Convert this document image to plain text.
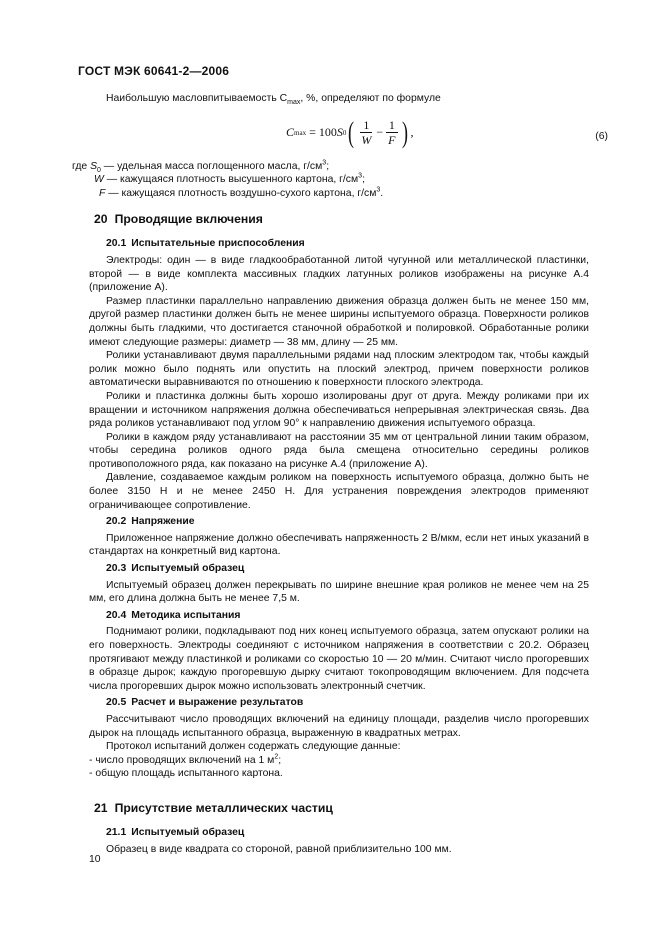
ГОСТ МЭК 60641-2—2006

Наибольшую масловпитываемость $C_{max}$, %, определяют по формуле

C max = 100 S 0 ( $\frac{1}{W} - \frac{1}{F}$ ) ,	(6)
где $S_0$ — удельная масса поглощенного масла, $г/см^3$;
W — кажущаяся плотность высушенного картона, $г/см^3$;
F — кажущаяся плотность воздушно-сухого картона, $г/см^3$.
20 Проводящие включения
20.1 Испытательные приспособления

Электроды: один — в виде гладкообработанной литой чугунной или металлической пластинки, второй — в виде комплекта массивных гладких латунных роликов изображены на рисунке А.4 (приложение А).

Размер пластинки параллельно направлению движения образца должен быть не менее 150 мм, другой размер пластинки должен быть не менее ширины испытуемого образца. Поверхности роликов должны быть гладкими, что достигается станочной обработкой и полировкой. Обработанные ролики имеют следующие размеры: диаметр — 38 мм, длину — 25 мм.

Ролики устанавливают двумя параллельными рядами над плоским электродом так, чтобы каждый ролик можно было поднять или опустить на плоский электрод, причем поверхности роликов автоматически выравниваются по отношению к поверхности плоского электрода.

Ролики и пластинка должны быть хорошо изолированы друг от друга. Между роликами при их вращении и источником напряжения должна обеспечиваться непрерывная электрическая связь. Два ряда роликов устанавливают под углом 90° к направлению движения испытуемого образца.

Ролики в каждом ряду устанавливают на расстоянии 35 мм от центральной линии таким образом, чтобы середина роликов одного ряда была смещена относительно середины роликов противоположного ряда, как показано на рисунке А.4 (приложение А).

Давление, создаваемое каждым роликом на поверхность испытуемого образца, должно быть не более 3150 Н и не менее 2450 Н. Для устранения повреждения электродов применяют ограничивающее сопротивление.

20.2 Напряжение

Приложенное напряжение должно обеспечивать напряженность 2 В/мкм, если нет иных указаний в стандартах на конкретный вид картона.

20.3 Испытуемый образец

Испытуемый образец должен перекрывать по ширине внешние края роликов не менее чем на 25 мм, его длина должна быть не менее 7,5 м.

20.4 Методика испытания

Поднимают ролики, подкладывают под них конец испытуемого образца, затем опускают ролики на его поверхность. Электроды соединяют с источником напряжения в соответствии с 20.2. Образец протягивают между пластинкой и роликами со скоростью 10 — 20 м/мин. Считают число прогоревших в образце дырок; каждую прогоревшую дырку считают токопроводящим включением. Для подсчета числа прогоревших дырок можно использовать электронный счетчик.

20.5 Расчет и выражение результатов

Рассчитывают число проводящих включений на единицу площади, разделив число прогоревших дырок на площадь испытанного образца, выраженную в квадратных метрах.

Протокол испытаний должен содержать следующие данные:

- число проводящих включений на 1 $м^2$;

- общую площадь испытанного картона.

21 Присутствие металлических частиц
21.1 Испытуемый образец

Образец в виде квадрата со стороной, равной приблизительно 100 мм.

10
